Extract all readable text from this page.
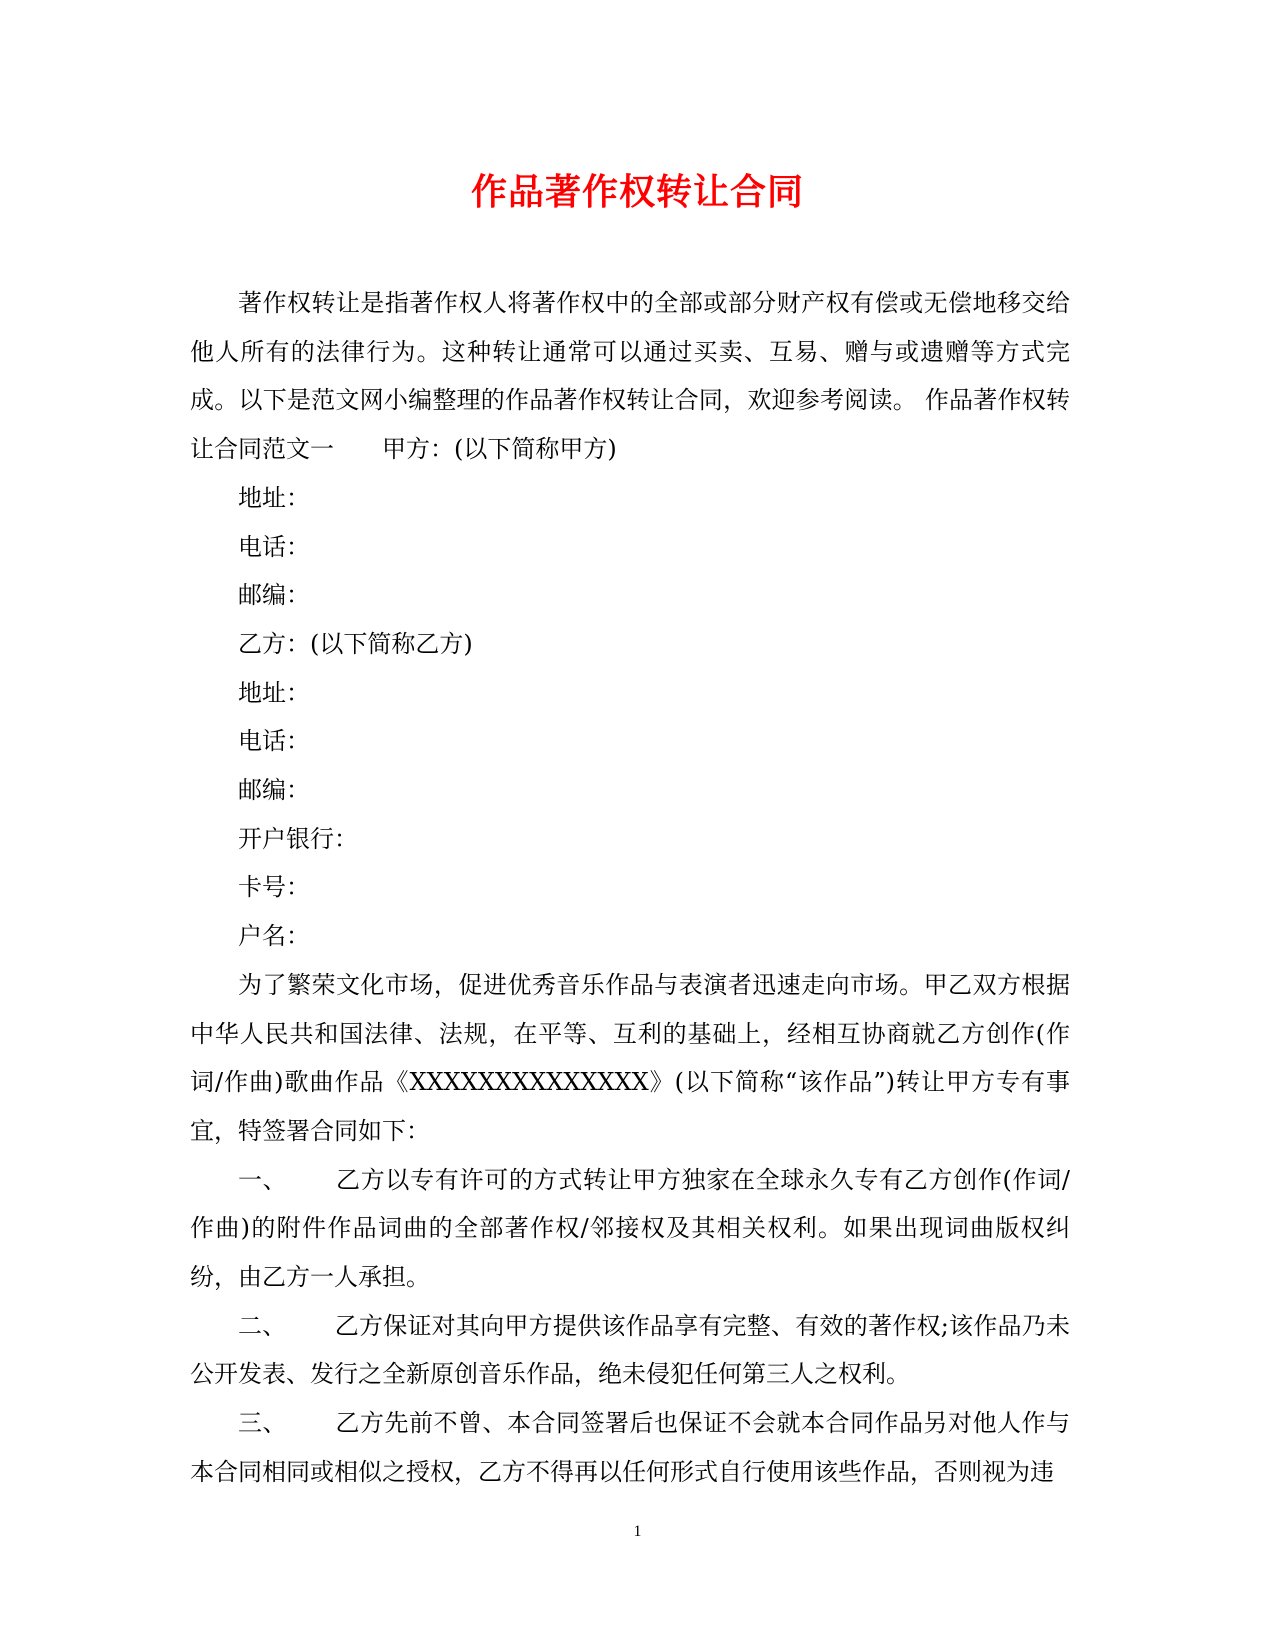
作品著作权转让合同

著作权转让是指著作权人将著作权中的全部或部分财产权有偿或无偿地移交给他人所有的法律行为。这种转让通常可以通过买卖、互易、赠与或遗赠等方式完成。以下是范文网小编整理的作品著作权转让合同，欢迎参考阅读。 作品著作权转让合同范文一 甲方：(以下简称甲方)

地址：

电话：

邮编：

乙方：(以下简称乙方)

地址：

电话：

邮编：

开户银行：

卡号：

户名：

为了繁荣文化市场，促进优秀音乐作品与表演者迅速走向市场。甲乙双方根据中华人民共和国法律、法规，在平等、互利的基础上，经相互协商就乙方创作(作词/作曲)歌曲作品《XXXXXXXXXXXXXX》(以下简称“该作品”)转让甲方专有事宜，特签署合同如下：

一、 乙方以专有许可的方式转让甲方独家在全球永久专有乙方创作(作词/作曲)的附件作品词曲的全部著作权/邻接权及其相关权利。如果出现词曲版权纠纷，由乙方一人承担。

二、 乙方保证对其向甲方提供该作品享有完整、有效的著作权;该作品乃未公开发表、发行之全新原创音乐作品，绝未侵犯任何第三人之权利。

三、 乙方先前不曾、本合同签署后也保证不会就本合同作品另对他人作与本合同相同或相似之授权，乙方不得再以任何形式自行使用该些作品，否则视为违

1
